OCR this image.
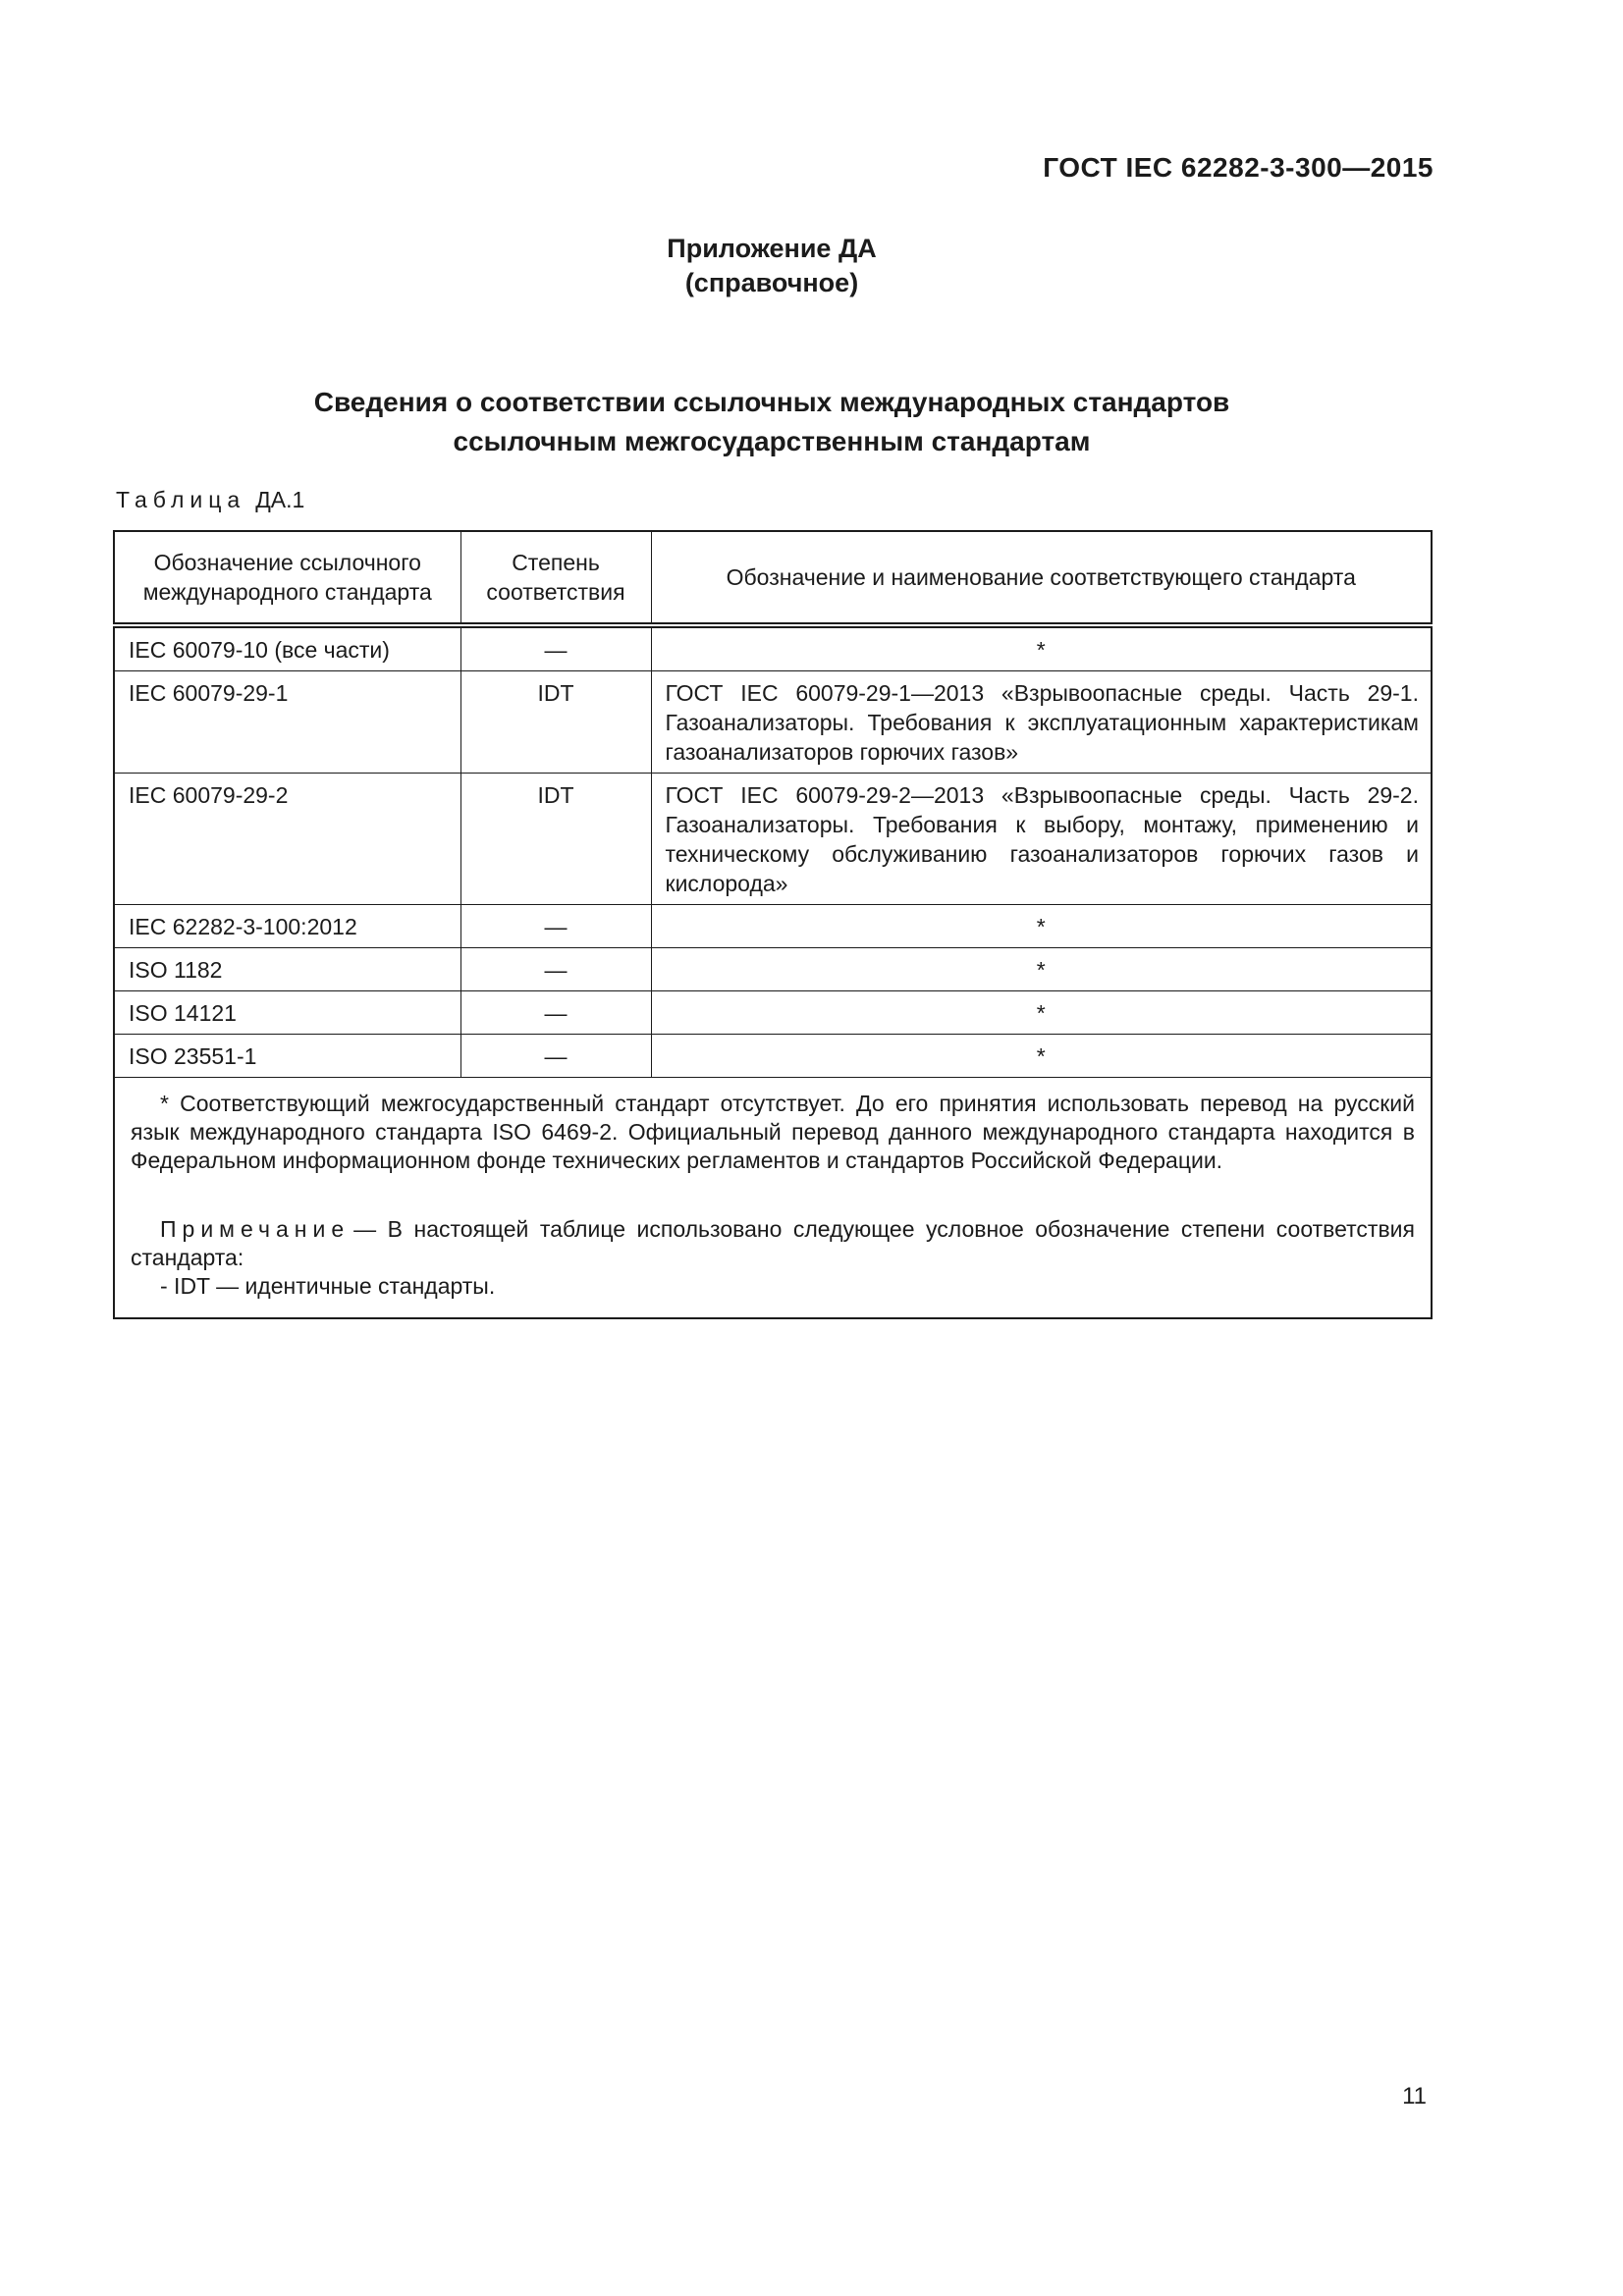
ГОСТ IEC 62282-3-300—2015
Приложение ДА
(справочное)
Сведения о соответствии ссылочных международных стандартов
ссылочным межгосударственным стандартам
Таблица ДА.1
Обозначение ссылочного международного стандарта	Степень соответствия	Обозначение и наименование соответствующего стандарта
IEC 60079-10 (все части)	—	*
IEC 60079-29-1	IDT	ГОСТ IEC 60079-29-1—2013 «Взрывоопасные среды. Часть 29-1. Газоанализаторы. Требования к эксплуатационным характеристикам газоанализаторов горючих газов»
IEC 60079-29-2	IDT	ГОСТ IEC 60079-29-2—2013 «Взрывоопасные среды. Часть 29-2. Газоанализаторы. Требования к выбору, монтажу, применению и техническому обслуживанию газоанализаторов горючих газов и кислорода»
IEC 62282-3-100:2012	—	*
ISO 1182	—	*
ISO 14121	—	*
ISO 23551-1	—	*

* Соответствующий межгосударственный стандарт отсутствует. До его принятия использовать перевод на русский язык международного стандарта ISO 6469-2. Официальный перевод данного международного стандарта находится в Федеральном информационном фонде технических регламентов и стандартов Российской Федерации.

Примечание — В настоящей таблице использовано следующее условное обозначение степени соответствия стандарта:

- IDT — идентичные стандарты.		

11
